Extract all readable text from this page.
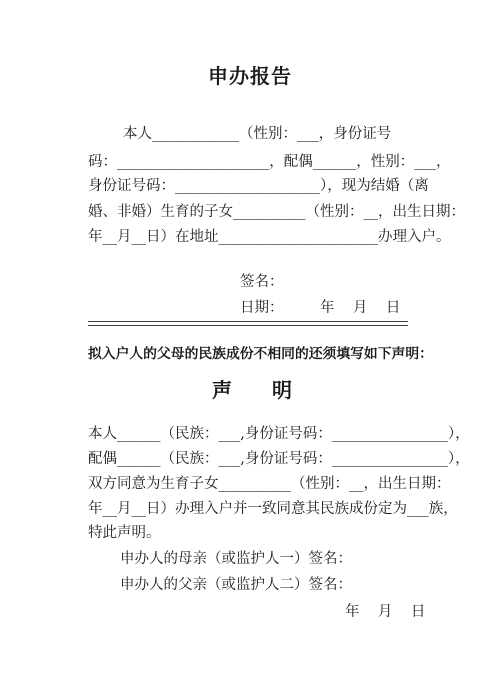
申办报告

本人____________（性别：___，身份证号

码：_____________________，配偶______，性别：___，

身份证号码：____________________），现为结婚（离

婚、非婚）生育的子女__________（性别：__，出生日期：

年__月__日）在地址______________________办理入户。

签名：

日期：	年    月    日

拟入户人的父母的民族成份不相同的还须填写如下声明：

声明

本人______（民族：___,身份证号码：________________），

配偶______（民族：___,身份证号码：________________），

双方同意为生育子女__________（性别：__，出生日期：

年__月__日）办理入户并一致同意其民族成份定为___族，

特此声明。

申办人的母亲（或监护人一）签名：

申办人的父亲（或监护人二）签名：

年    月    日
